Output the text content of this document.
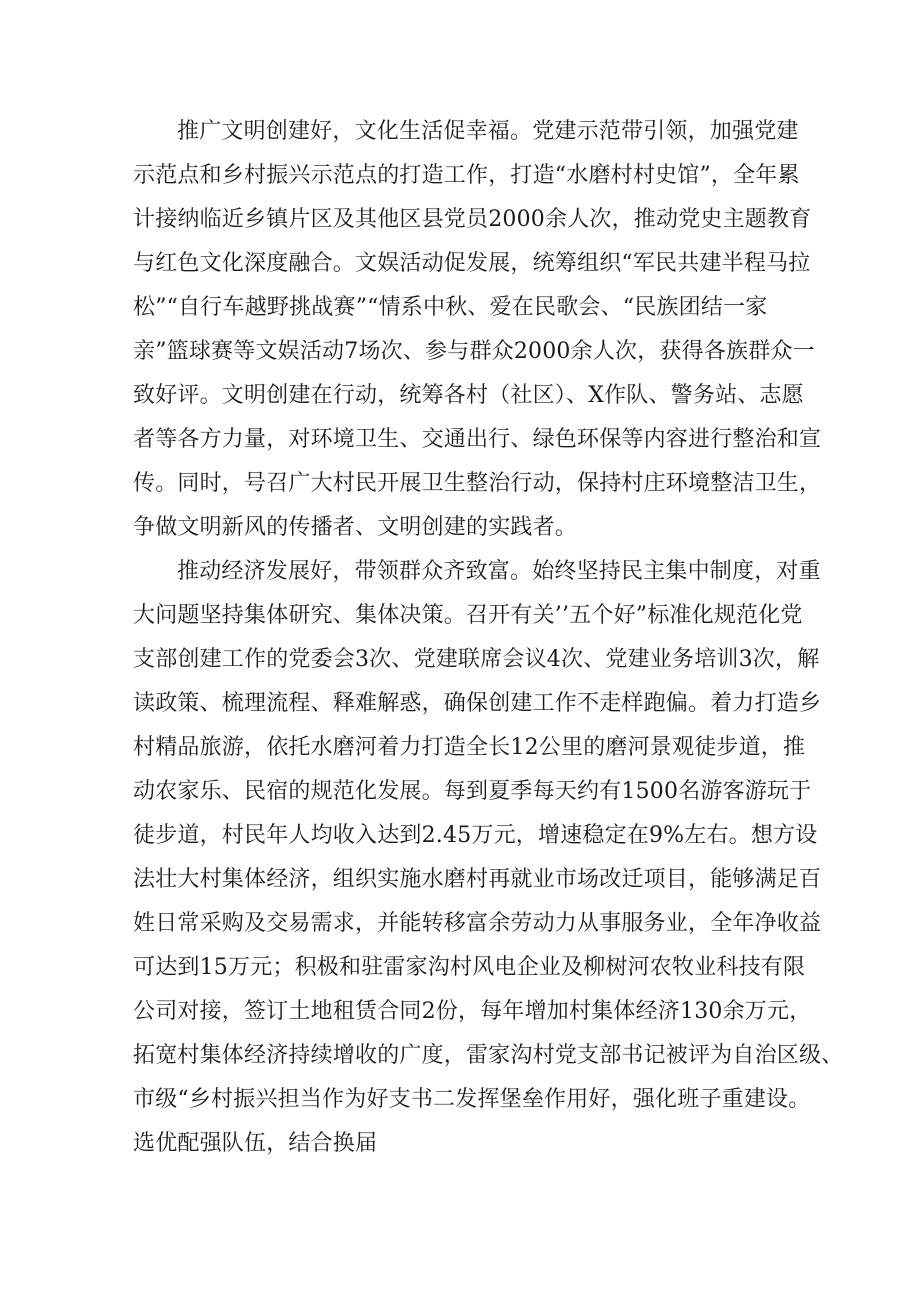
推广文明创建好，文化生活促幸福。党建示范带引领，加强党建
示范点和乡村振兴示范点的打造工作，打造“水磨村村史馆”，全年累
计接纳临近乡镇片区及其他区县党员2000余人次，推动党史主题教育
与红色文化深度融合。文娱活动促发展，统筹组织“军民共建半程马拉
松”“自行车越野挑战赛”“情系中秋、爱在民歌会、“民族团结一家
亲”篮球赛等文娱活动7场次、参与群众2000余人次，获得各族群众一
致好评。文明创建在行动，统筹各村（社区）、X作队、警务站、志愿
者等各方力量，对环境卫生、交通出行、绿色环保等内容进行整治和宣
传。同时，号召广大村民开展卫生整治行动，保持村庄环境整洁卫生，
争做文明新风的传播者、文明创建的实践者。
推动经济发展好，带领群众齐致富。始终坚持民主集中制度，对重
大问题坚持集体研究、集体决策。召开有关’’五个好”标准化规范化党
支部创建工作的党委会3次、党建联席会议4次、党建业务培训3次，解
读政策、梳理流程、释难解惑，确保创建工作不走样跑偏。着力打造乡
村精品旅游，依托水磨河着力打造全长12公里的磨河景观徒步道，推
动农家乐、民宿的规范化发展。每到夏季每天约有1500名游客游玩于
徒步道，村民年人均收入达到2.45万元，增速稳定在9%左右。想方设
法壮大村集体经济，组织实施水磨村再就业市场改迁项目，能够满足百
姓日常采购及交易需求，并能转移富余劳动力从事服务业，全年净收益
可达到15万元；积极和驻雷家沟村风电企业及柳树河农牧业科技有限
公司对接，签订土地租赁合同2份，每年增加村集体经济130余万元，
拓宽村集体经济持续增收的广度，雷家沟村党支部书记被评为自治区级、
市级“乡村振兴担当作为好支书二发挥堡垒作用好，强化班子重建设。
选优配强队伍，结合换届
